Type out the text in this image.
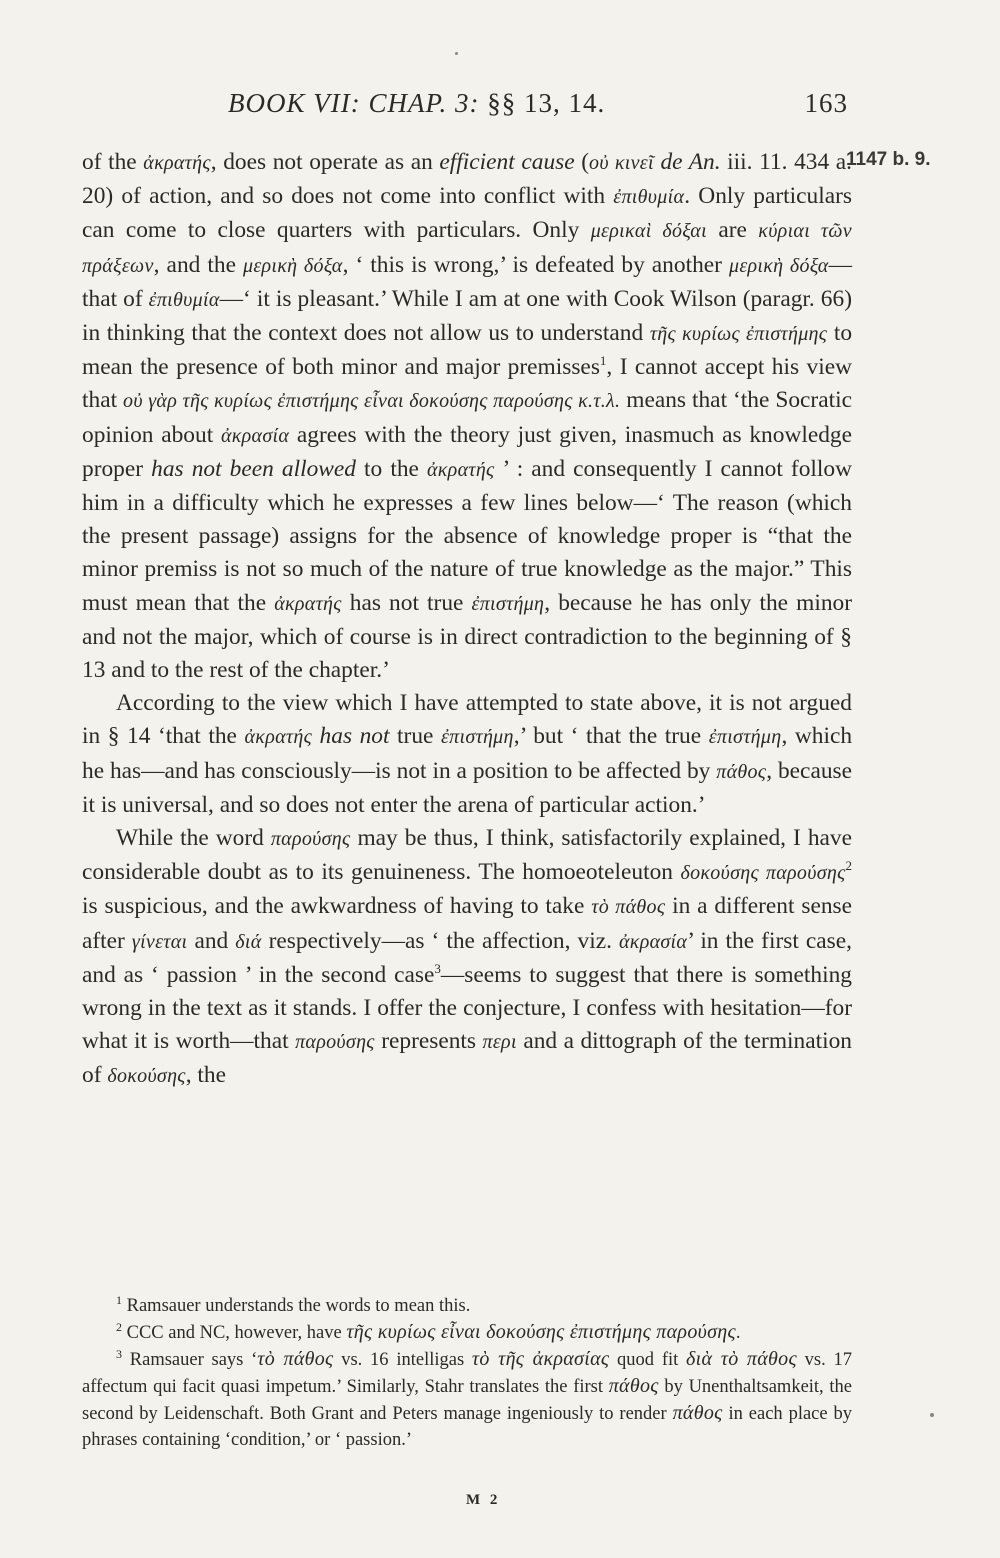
BOOK VII: CHAP. 3: §§ 13, 14.	163
1147 b. 9.

of the ἀκρατής, does not operate as an efficient cause (οὐ κινεῖ de An. iii. 11. 434 a. 20) of action, and so does not come into conflict with ἐπιθυμία. Only particulars can come to close quarters with particulars. Only μερικαὶ δόξαι are κύριαι τῶν πράξεων, and the μερικὴ δόξα, ‘ this is wrong,’ is defeated by another μερικὴ δόξα—that of ἐπιθυμία—‘ it is pleasant.’ While I am at one with Cook Wilson (paragr. 66) in thinking that the context does not allow us to understand τῆς κυρίως ἐπιστήμης to mean the presence of both minor and major premisses$^1$, I cannot accept his view that οὐ γὰρ τῆς κυρίως ἐπιστήμης εἶναι δοκούσης παρούσης κ.τ.λ. means that ‘the Socratic opinion about ἀκρασία agrees with the theory just given, inasmuch as knowledge proper has not been allowed to the ἀκρατής ’ : and consequently I cannot follow him in a difficulty which he expresses a few lines below—‘ The reason (which the present passage) assigns for the absence of knowledge proper is “that the minor premiss is not so much of the nature of true knowledge as the major.” This must mean that the ἀκρατής has not true ἐπιστήμη, because he has only the minor and not the major, which of course is in direct contradiction to the beginning of § 13 and to the rest of the chapter.’

According to the view which I have attempted to state above, it is not argued in § 14 ‘that the ἀκρατής has not true ἐπιστήμη,’ but ‘ that the true ἐπιστήμη, which he has—and has consciously—is not in a position to be affected by πάθος, because it is universal, and so does not enter the arena of particular action.’

While the word παρούσης may be thus, I think, satisfactorily explained, I have considerable doubt as to its genuineness. The homoeoteleuton δοκούσης παρούσης$^2$ is suspicious, and the awkwardness of having to take τὸ πάθος in a different sense after γίνεται and διά respectively—as ‘ the affection, viz. ἀκρασία’ in the first case, and as ‘ passion ’ in the second case$^3$—seems to suggest that there is something wrong in the text as it stands. I offer the conjecture, I confess with hesitation—for what it is worth—that παρούσης represents περι and a dittograph of the termination of δοκούσης, the

$^1$ Ramsauer understands the words to mean this.

$^2$ CCC and NC, however, have τῆς κυρίως εἶναι δοκούσης ἐπιστήμης παρούσης.

$^3$ Ramsauer says ‘τὸ πάθος vs. 16 intelligas τὸ τῆς ἀκρασίας quod fit διὰ τὸ πάθος vs. 17 affectum qui facit quasi impetum.’ Similarly, Stahr translates the first πάθος by Unenthaltsamkeit, the second by Leidenschaft. Both Grant and Peters manage ingeniously to render πάθος in each place by phrases containing ‘condition,’ or ‘ passion.’

M 2
